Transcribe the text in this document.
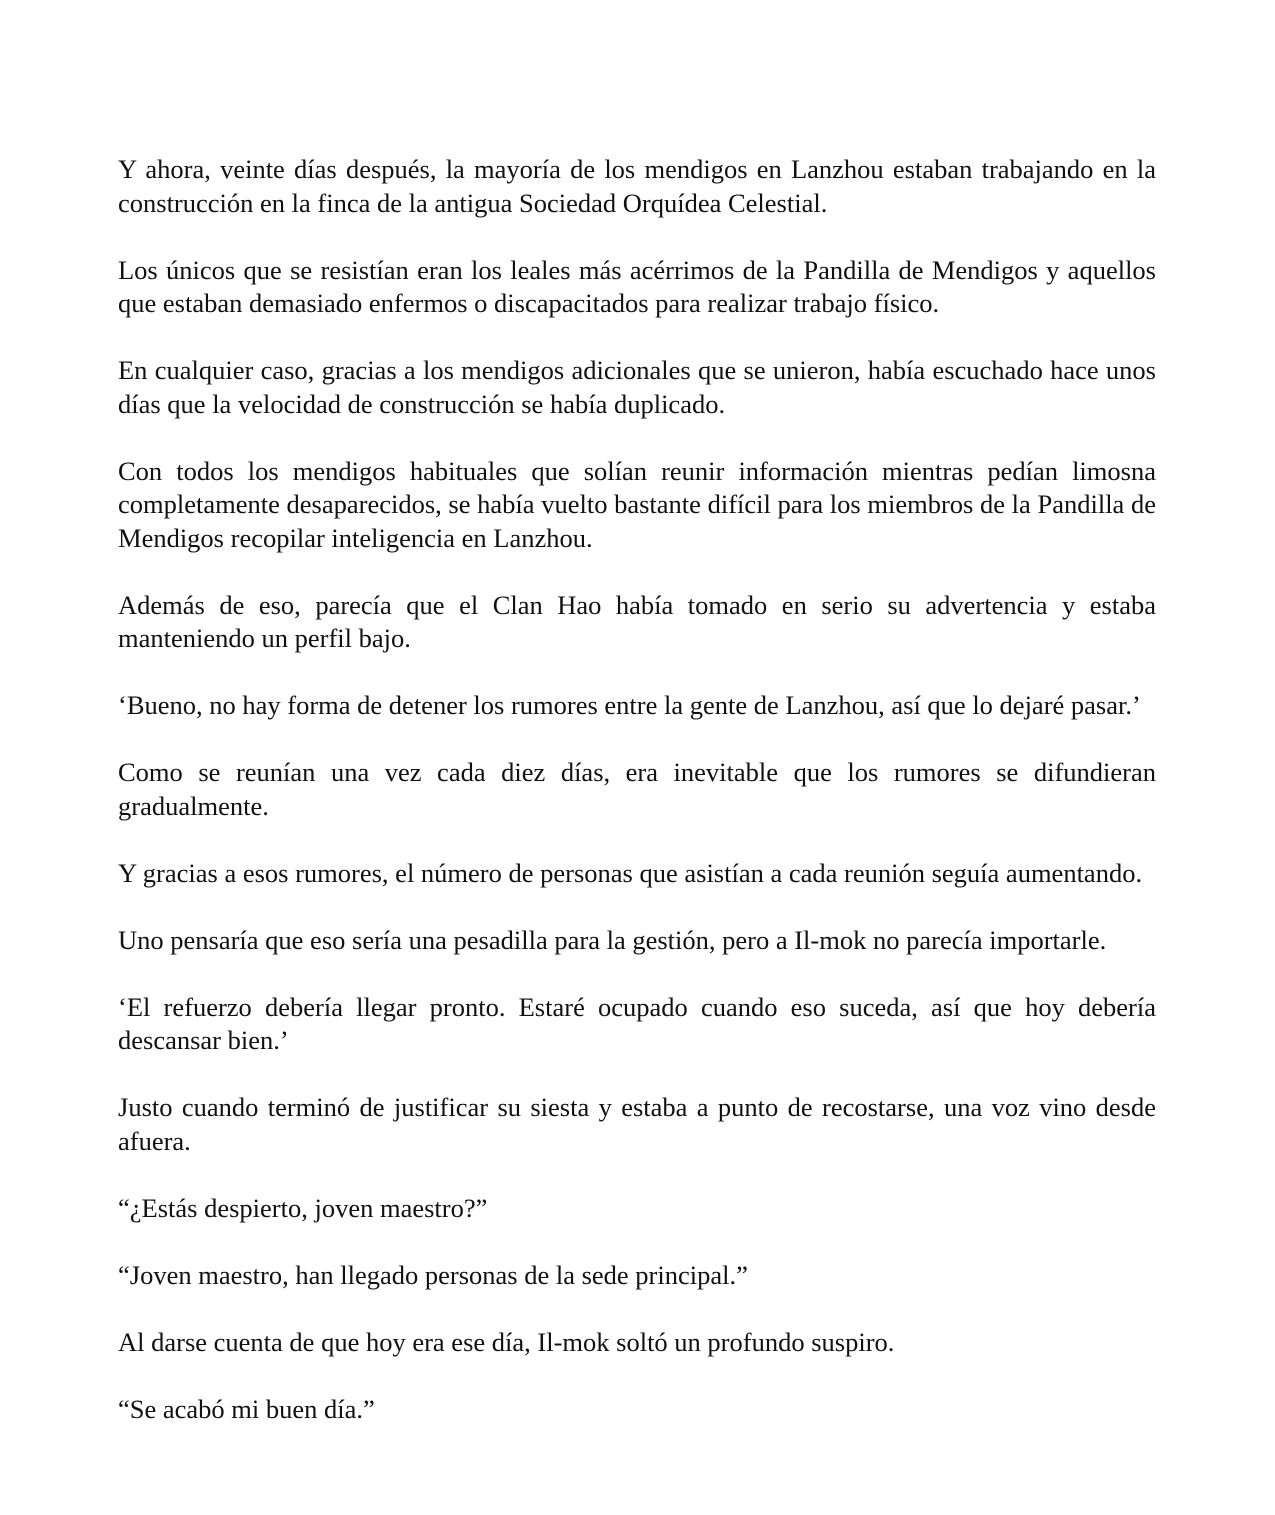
Y ahora, veinte días después, la mayoría de los mendigos en Lanzhou estaban trabajando en la construcción en la finca de la antigua Sociedad Orquídea Celestial.

Los únicos que se resistían eran los leales más acérrimos de la Pandilla de Mendigos y aquellos que estaban demasiado enfermos o discapacitados para realizar trabajo físico.

En cualquier caso, gracias a los mendigos adicionales que se unieron, había escuchado hace unos días que la velocidad de construcción se había duplicado.

Con todos los mendigos habituales que solían reunir información mientras pedían limosna completamente desaparecidos, se había vuelto bastante difícil para los miembros de la Pandilla de Mendigos recopilar inteligencia en Lanzhou.

Además de eso, parecía que el Clan Hao había tomado en serio su advertencia y estaba manteniendo un perfil bajo.

‘Bueno, no hay forma de detener los rumores entre la gente de Lanzhou, así que lo dejaré pasar.’

Como se reunían una vez cada diez días, era inevitable que los rumores se difundieran gradualmente.

Y gracias a esos rumores, el número de personas que asistían a cada reunión seguía aumentando.

Uno pensaría que eso sería una pesadilla para la gestión, pero a Il-mok no parecía importarle.

‘El refuerzo debería llegar pronto. Estaré ocupado cuando eso suceda, así que hoy debería descansar bien.’

Justo cuando terminó de justificar su siesta y estaba a punto de recostarse, una voz vino desde afuera.

“¿Estás despierto, joven maestro?”

“Joven maestro, han llegado personas de la sede principal.”

Al darse cuenta de que hoy era ese día, Il-mok soltó un profundo suspiro.

“Se acabó mi buen día.”
